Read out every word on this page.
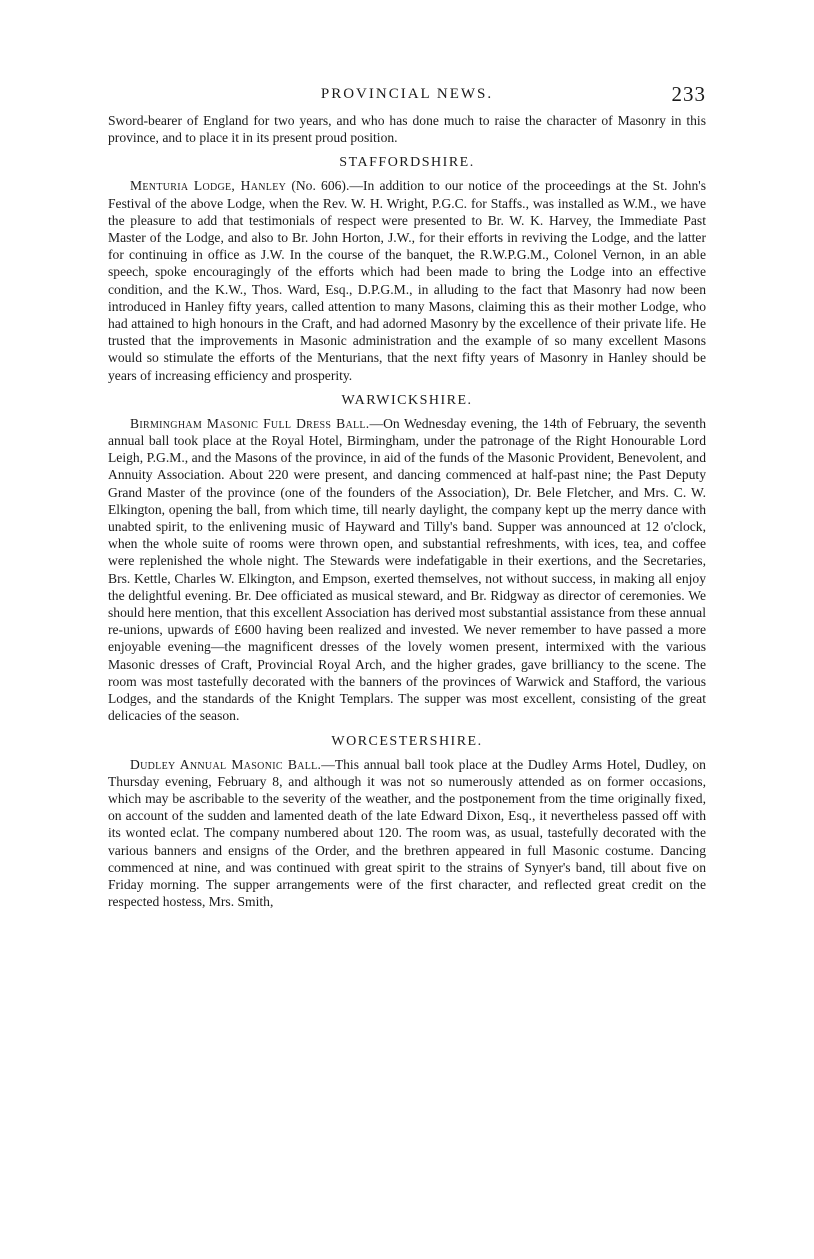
PROVINCIAL NEWS.	233

Sword-bearer of England for two years, and who has done much to raise the character of Masonry in this province, and to place it in its present proud position.

STAFFORDSHIRE.

Menturia Lodge, Hanley (No. 606).—In addition to our notice of the proceedings at the St. John's Festival of the above Lodge, when the Rev. W. H. Wright, P.G.C. for Staffs., was installed as W.M., we have the pleasure to add that testimonials of respect were presented to Br. W. K. Harvey, the Immediate Past Master of the Lodge, and also to Br. John Horton, J.W., for their efforts in reviving the Lodge, and the latter for continuing in office as J.W. In the course of the banquet, the R.W.P.G.M., Colonel Vernon, in an able speech, spoke encouragingly of the efforts which had been made to bring the Lodge into an effective condition, and the K.W., Thos. Ward, Esq., D.P.G.M., in alluding to the fact that Masonry had now been introduced in Hanley fifty years, called attention to many Masons, claiming this as their mother Lodge, who had attained to high honours in the Craft, and had adorned Masonry by the excellence of their private life. He trusted that the improvements in Masonic administration and the example of so many excellent Masons would so stimulate the efforts of the Menturians, that the next fifty years of Masonry in Hanley should be years of increasing efficiency and prosperity.

WARWICKSHIRE.

Birmingham Masonic Full Dress Ball.—On Wednesday evening, the 14th of February, the seventh annual ball took place at the Royal Hotel, Birmingham, under the patronage of the Right Honourable Lord Leigh, P.G.M., and the Masons of the province, in aid of the funds of the Masonic Provident, Benevolent, and Annuity Association. About 220 were present, and dancing commenced at half-past nine; the Past Deputy Grand Master of the province (one of the founders of the Association), Dr. Bele Fletcher, and Mrs. C. W. Elkington, opening the ball, from which time, till nearly daylight, the company kept up the merry dance with unabted spirit, to the enlivening music of Hayward and Tilly's band. Supper was announced at 12 o'clock, when the whole suite of rooms were thrown open, and substantial refreshments, with ices, tea, and coffee were replenished the whole night. The Stewards were indefatigable in their exertions, and the Secretaries, Brs. Kettle, Charles W. Elkington, and Empson, exerted themselves, not without success, in making all enjoy the delightful evening. Br. Dee officiated as musical steward, and Br. Ridgway as director of ceremonies. We should here mention, that this excellent Association has derived most substantial assistance from these annual re-unions, upwards of £600 having been realized and invested. We never remember to have passed a more enjoyable evening—the magnificent dresses of the lovely women present, intermixed with the various Masonic dresses of Craft, Provincial Royal Arch, and the higher grades, gave brilliancy to the scene. The room was most tastefully decorated with the banners of the provinces of Warwick and Stafford, the various Lodges, and the standards of the Knight Templars. The supper was most excellent, consisting of the great delicacies of the season.

WORCESTERSHIRE.

Dudley Annual Masonic Ball.—This annual ball took place at the Dudley Arms Hotel, Dudley, on Thursday evening, February 8, and although it was not so numerously attended as on former occasions, which may be ascribable to the severity of the weather, and the postponement from the time originally fixed, on account of the sudden and lamented death of the late Edward Dixon, Esq., it nevertheless passed off with its wonted eclat. The company numbered about 120. The room was, as usual, tastefully decorated with the various banners and ensigns of the Order, and the brethren appeared in full Masonic costume. Dancing commenced at nine, and was continued with great spirit to the strains of Synyer's band, till about five on Friday morning. The supper arrangements were of the first character, and reflected great credit on the respected hostess, Mrs. Smith,
